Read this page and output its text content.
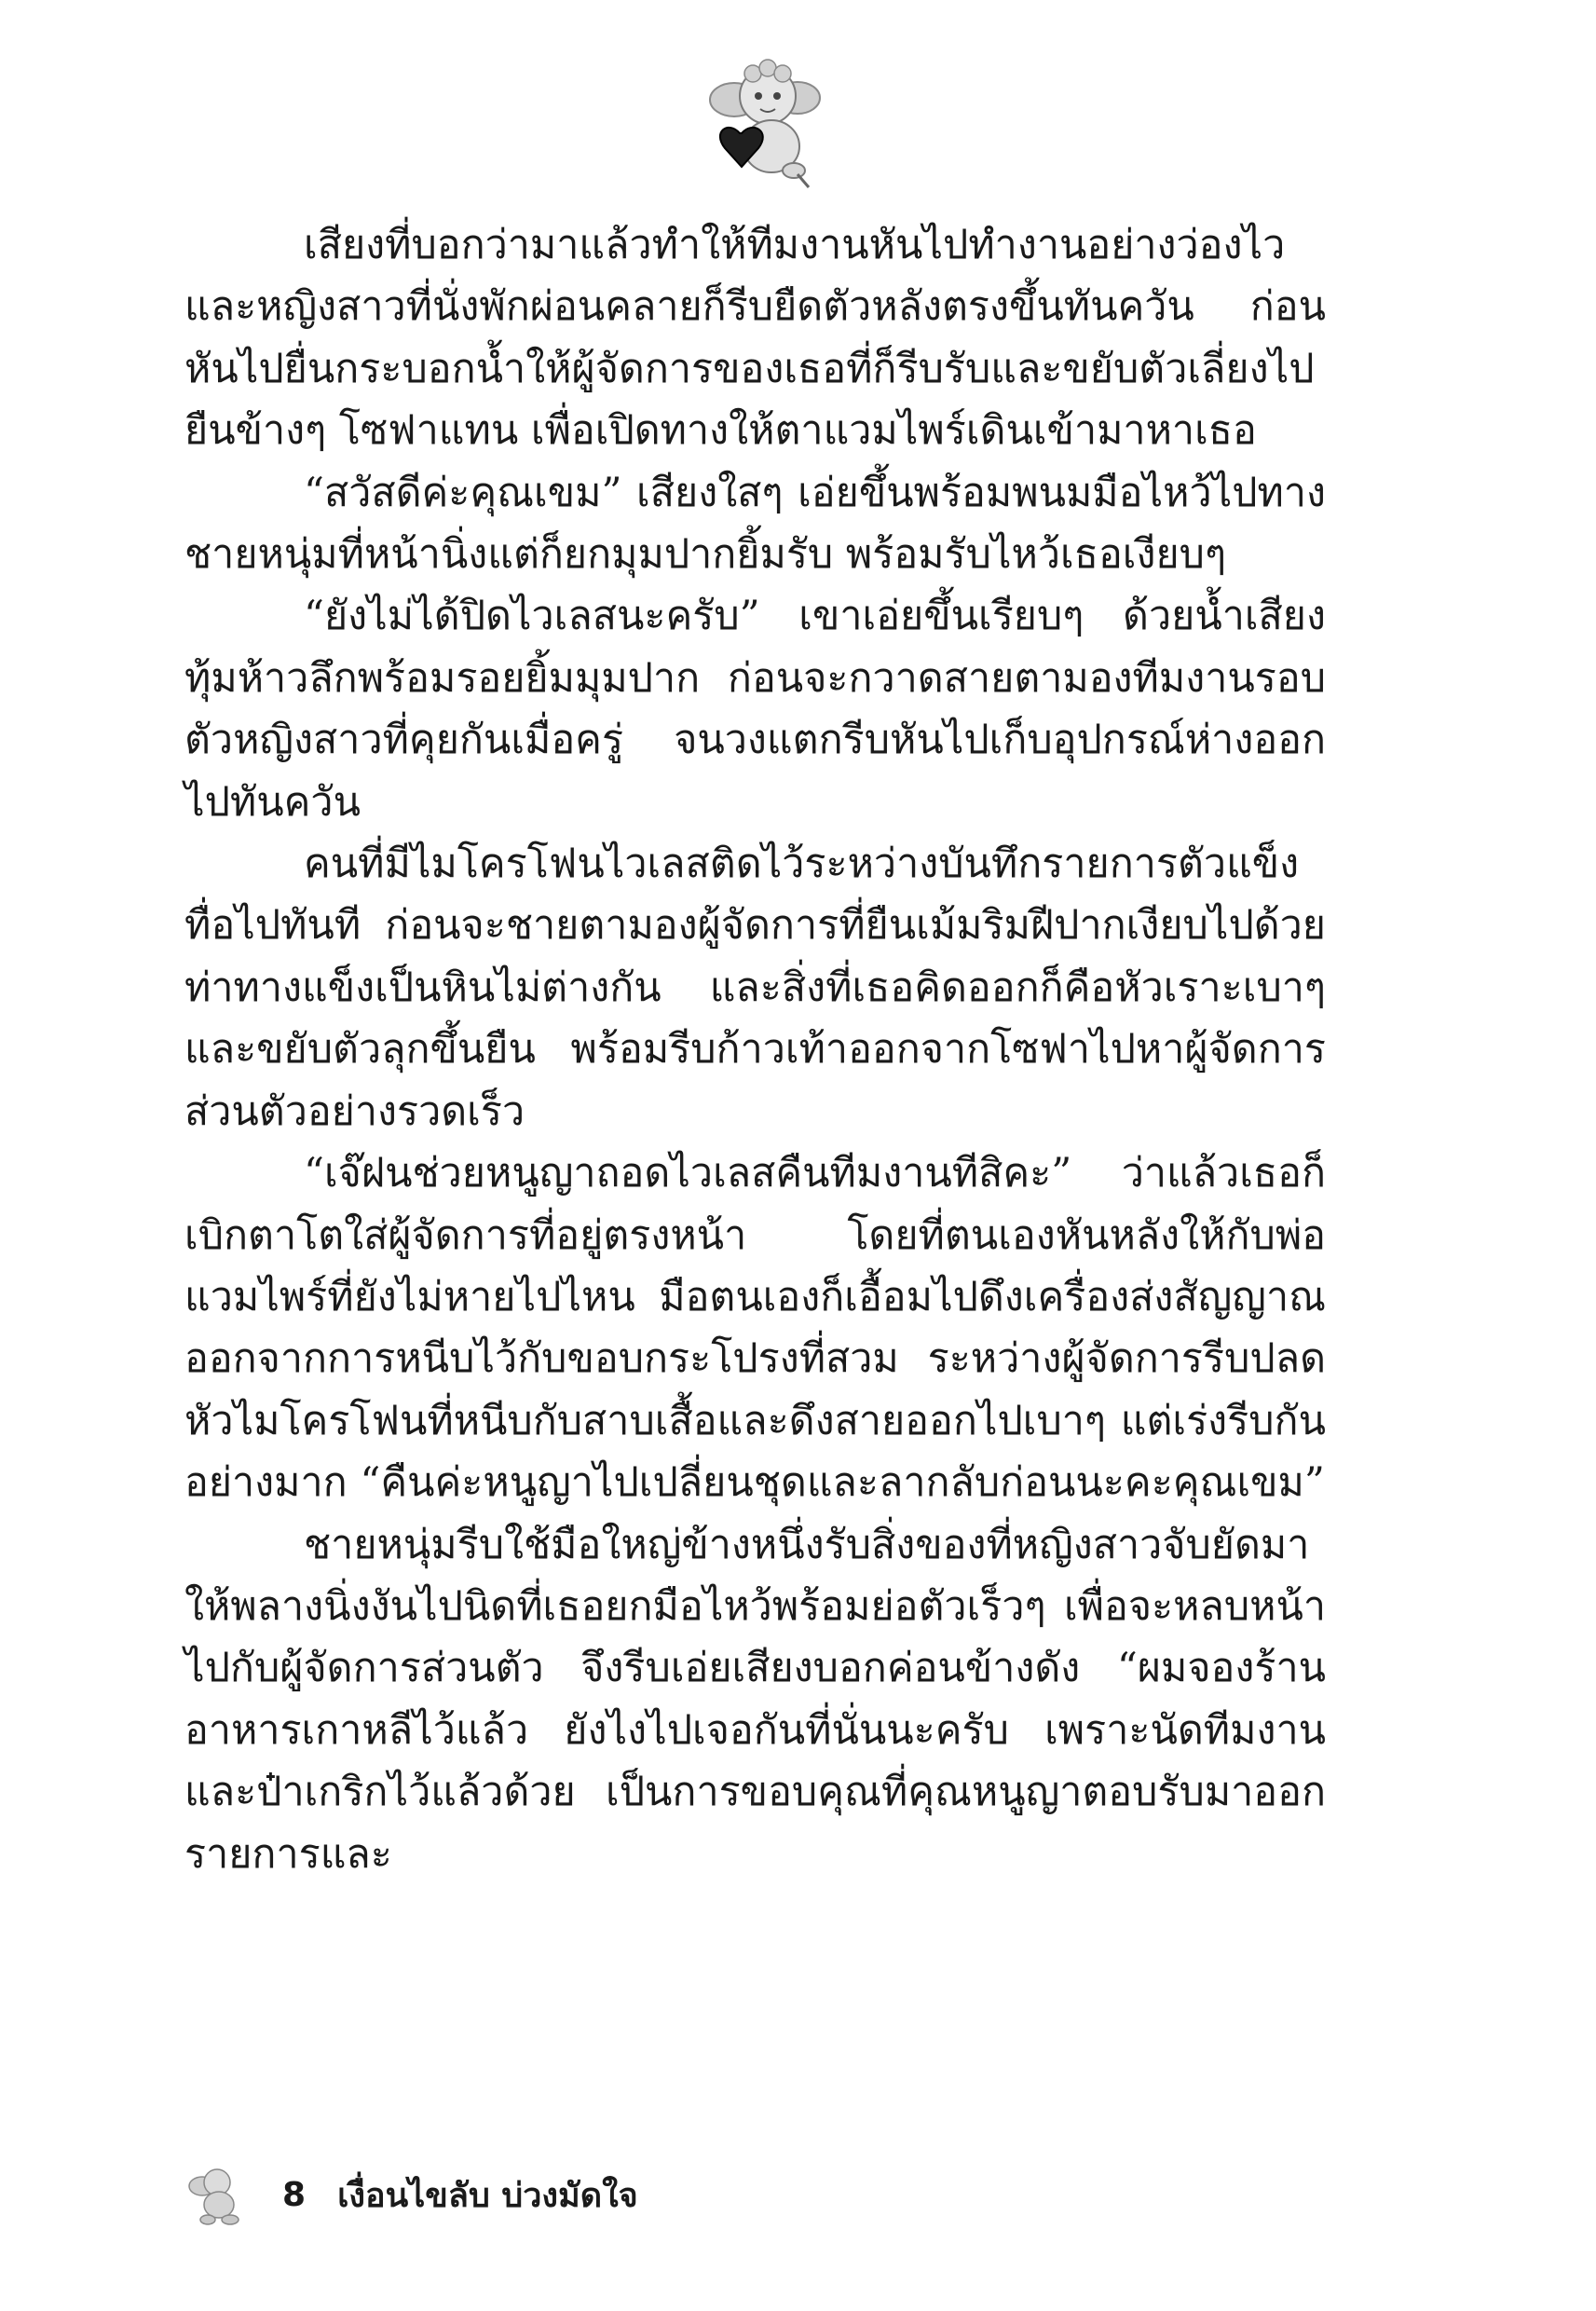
เสียงที่บอกว่ามาแล้วทำให้ทีมงานหันไปทำงานอย่างว่องไว และหญิงสาวที่นั่งพักผ่อนคลายก็รีบยืดตัวหลังตรงขึ้นทันควัน ก่อนหันไปยื่นกระบอกน้ำให้ผู้จัดการของเธอที่ก็รีบรับและขยับตัวเลี่ยงไปยืนข้างๆ โซฟาแทน เพื่อเปิดทางให้ตาแวมไพร์เดินเข้ามาหาเธอ

“สวัสดีค่ะคุณเขม” เสียงใสๆ เอ่ยขึ้นพร้อมพนมมือไหว้ไปทางชายหนุ่มที่หน้านิ่งแต่ก็ยกมุมปากยิ้มรับ พร้อมรับไหว้เธอเงียบๆ

“ยังไม่ได้ปิดไวเลสนะครับ” เขาเอ่ยขึ้นเรียบๆ ด้วยน้ำเสียงทุ้มห้าวลึกพร้อมรอยยิ้มมุมปาก ก่อนจะกวาดสายตามองทีมงานรอบตัวหญิงสาวที่คุยกันเมื่อครู่ จนวงแตกรีบหันไปเก็บอุปกรณ์ห่างออกไปทันควัน

คนที่มีไมโครโฟนไวเลสติดไว้ระหว่างบันทึกรายการตัวแข็งทื่อไปทันที ก่อนจะชายตามองผู้จัดการที่ยืนเม้มริมฝีปากเงียบไปด้วยท่าทางแข็งเป็นหินไม่ต่างกัน และสิ่งที่เธอคิดออกก็คือหัวเราะเบาๆ และขยับตัวลุกขึ้นยืน พร้อมรีบก้าวเท้าออกจากโซฟาไปหาผู้จัดการส่วนตัวอย่างรวดเร็ว

“เจ๊ฝนช่วยหนูญาถอดไวเลสคืนทีมงานทีสิคะ” ว่าแล้วเธอก็เบิกตาโตใส่ผู้จัดการที่อยู่ตรงหน้า โดยที่ตนเองหันหลังให้กับพ่อแวมไพร์ที่ยังไม่หายไปไหน มือตนเองก็เอื้อมไปดึงเครื่องส่งสัญญาณออกจากการหนีบไว้กับขอบกระโปรงที่สวม ระหว่างผู้จัดการรีบปลดหัวไมโครโฟนที่หนีบกับสาบเสื้อและดึงสายออกไปเบาๆ แต่เร่งรีบกันอย่างมาก “คืนค่ะหนูญาไปเปลี่ยนชุดและลากลับก่อนนะคะคุณเขม”

ชายหนุ่มรีบใช้มือใหญ่ข้างหนึ่งรับสิ่งของที่หญิงสาวจับยัดมาให้พลางนิ่งงันไปนิดที่เธอยกมือไหว้พร้อมย่อตัวเร็วๆ เพื่อจะหลบหน้าไปกับผู้จัดการส่วนตัว จึงรีบเอ่ยเสียงบอกค่อนข้างดัง “ผมจองร้านอาหารเกาหลีไว้แล้ว ยังไงไปเจอกันที่นั่นนะครับ เพราะนัดทีมงานและป๋าเกริกไว้แล้วด้วย เป็นการขอบคุณที่คุณหนูญาตอบรับมาออกรายการและ

8 เงื่อนไขลับ บ่วงมัดใจ
